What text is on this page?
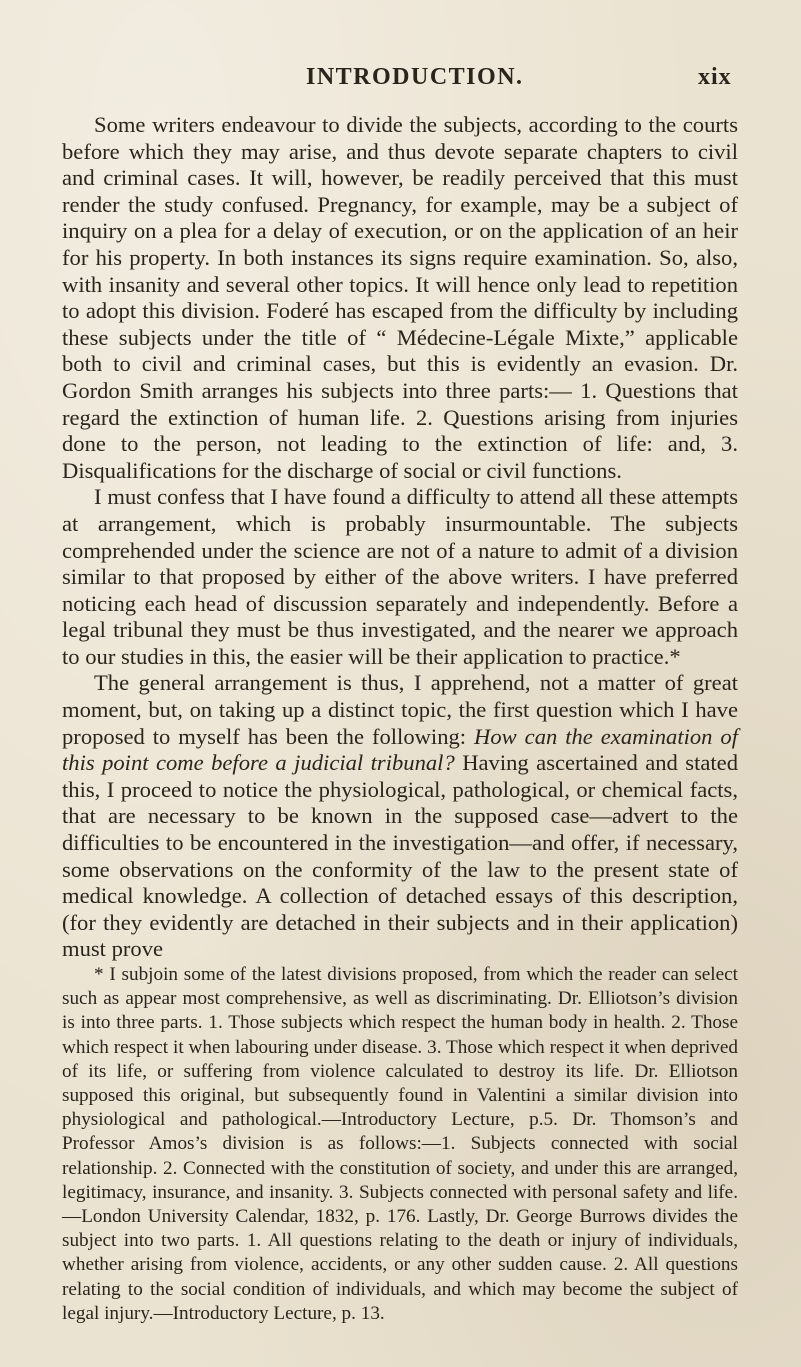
INTRODUCTION.	xix

Some writers endeavour to divide the subjects, according to the courts before which they may arise, and thus devote separate chapters to civil and criminal cases. It will, however, be readily perceived that this must render the study confused. Pregnancy, for example, may be a subject of inquiry on a plea for a delay of execution, or on the application of an heir for his property. In both instances its signs require examination. So, also, with insanity and several other topics. It will hence only lead to repetition to adopt this division. Foderé has escaped from the difficulty by including these subjects under the title of “ Médecine-Légale Mixte,” applicable both to civil and criminal cases, but this is evidently an evasion. Dr. Gordon Smith arranges his subjects into three parts:— 1. Questions that regard the extinction of human life. 2. Questions arising from injuries done to the person, not leading to the extinction of life: and, 3. Disqualifications for the discharge of social or civil functions.

I must confess that I have found a difficulty to attend all these attempts at arrangement, which is probably insurmountable. The subjects comprehended under the science are not of a nature to admit of a division similar to that proposed by either of the above writers. I have preferred noticing each head of discussion separately and independently. Before a legal tribunal they must be thus investigated, and the nearer we approach to our studies in this, the easier will be their application to practice.*

The general arrangement is thus, I apprehend, not a matter of great moment, but, on taking up a distinct topic, the first question which I have proposed to myself has been the following: How can the examination of this point come before a judicial tribunal? Having ascertained and stated this, I proceed to notice the physiological, pathological, or chemical facts, that are necessary to be known in the supposed case—advert to the difficulties to be encountered in the investigation—and offer, if necessary, some observations on the conformity of the law to the present state of medical knowledge. A collection of detached essays of this description, (for they evidently are detached in their subjects and in their application) must prove

* I subjoin some of the latest divisions proposed, from which the reader can select such as appear most comprehensive, as well as discriminating. Dr. Elliotson’s division is into three parts. 1. Those subjects which respect the human body in health. 2. Those which respect it when labouring under disease. 3. Those which respect it when deprived of its life, or suffering from violence calculated to destroy its life. Dr. Elliotson supposed this original, but subsequently found in Valentini a similar division into physiological and pathological.—Introductory Lecture, p.5. Dr. Thomson’s and Professor Amos’s division is as follows:—1. Subjects connected with social relationship. 2. Connected with the constitution of society, and under this are arranged, legitimacy, insurance, and insanity. 3. Subjects connected with personal safety and life.—London University Calendar, 1832, p. 176. Lastly, Dr. George Burrows divides the subject into two parts. 1. All questions relating to the death or injury of individuals, whether arising from violence, accidents, or any other sudden cause. 2. All questions relating to the social condition of individuals, and which may become the subject of legal injury.—Introductory Lecture, p. 13.
